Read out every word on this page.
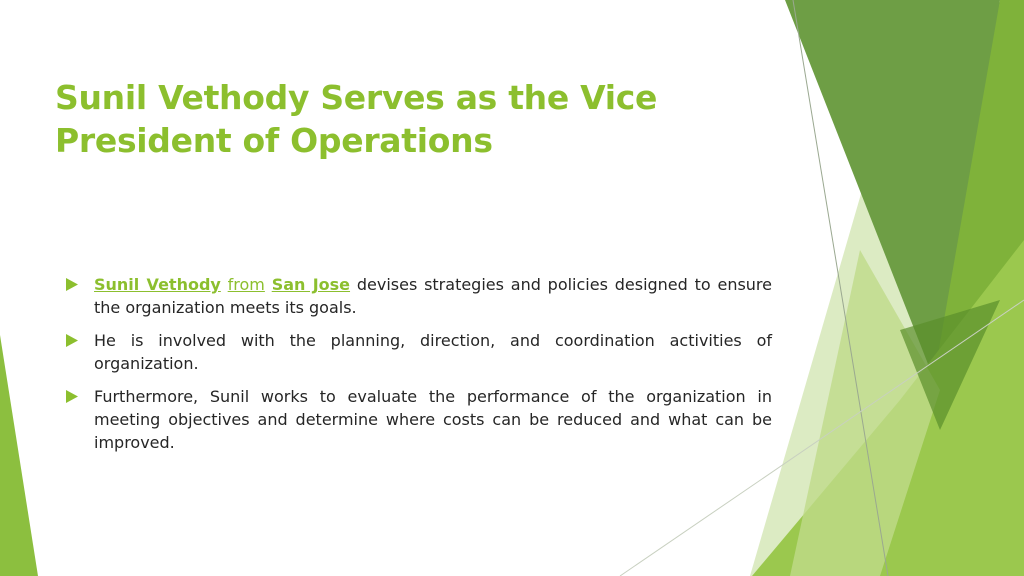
Sunil Vethody Serves as the Vice President of Operations
Sunil Vethody from San Jose devises strategies and policies designed to ensure the organization meets its goals.
He is involved with the planning, direction, and coordination activities of organization.
Furthermore, Sunil works to evaluate the performance of the organization in meeting objectives and determine where costs can be reduced and what can be improved.
